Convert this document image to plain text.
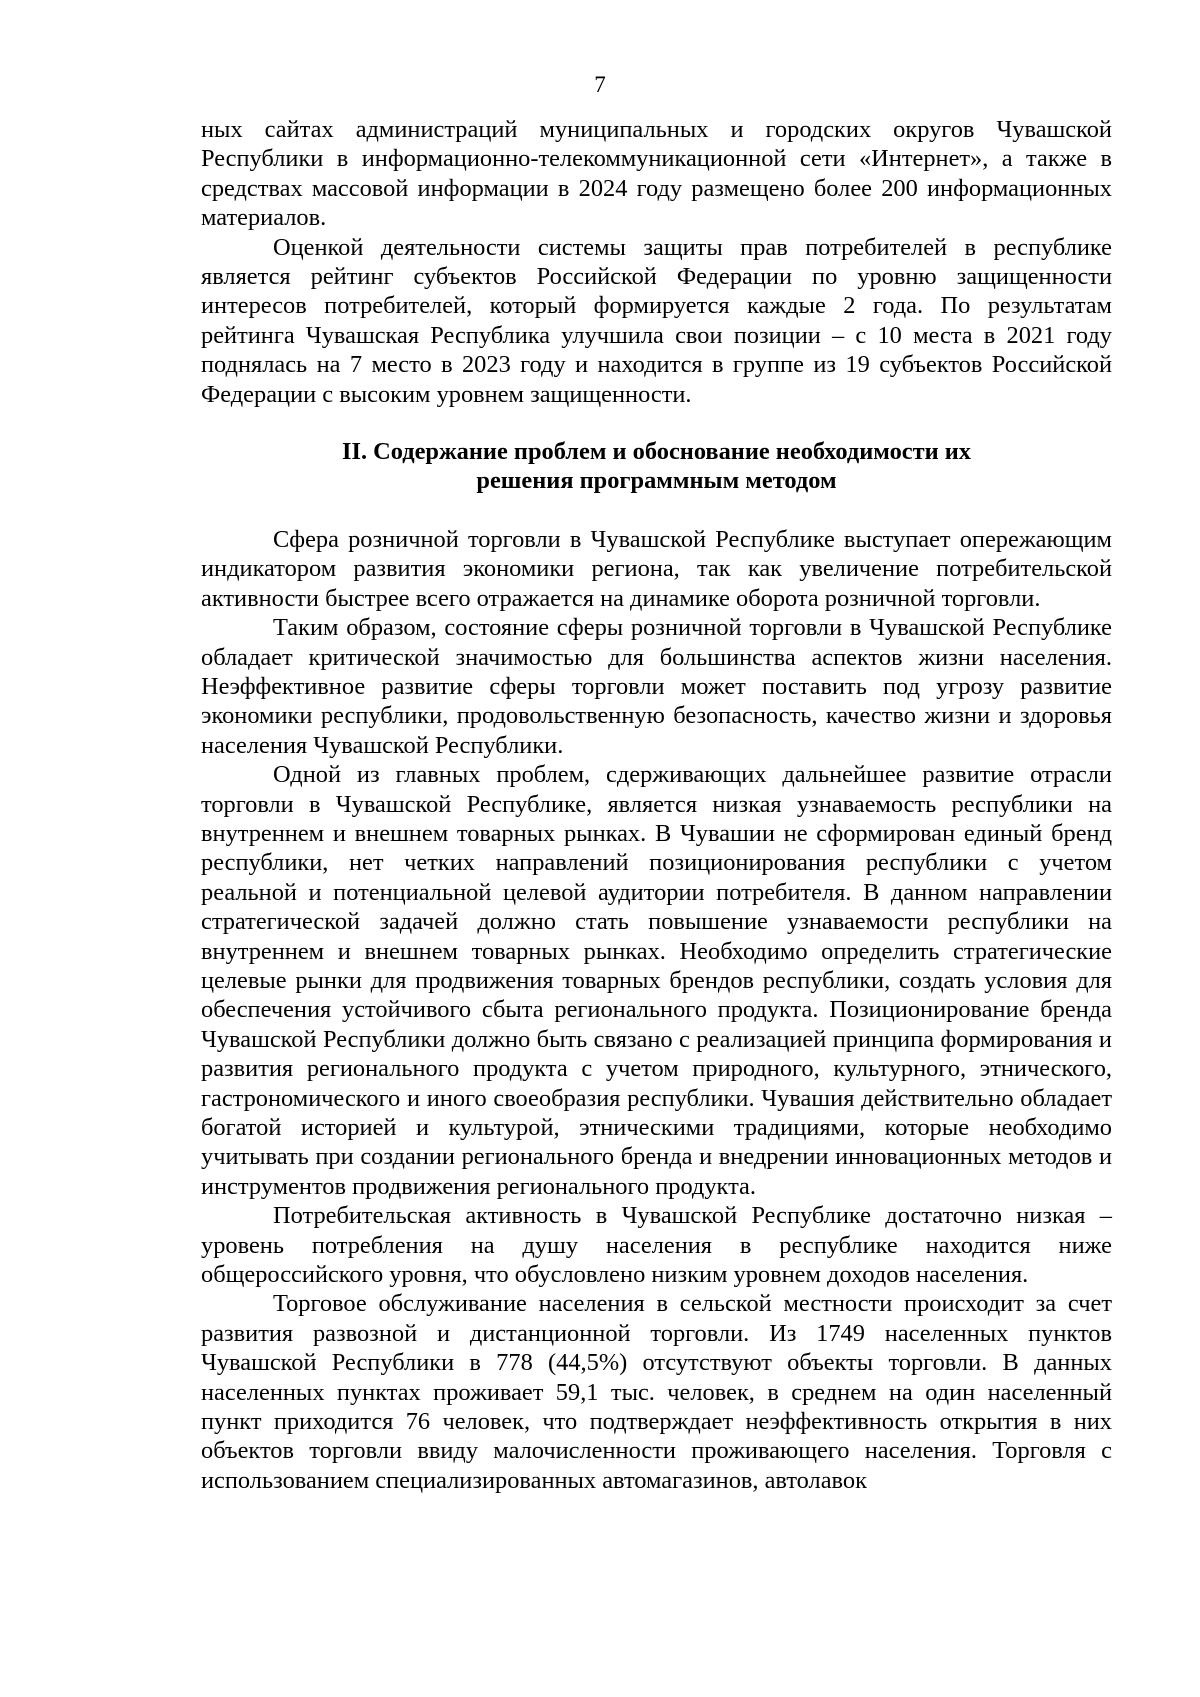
7

ных сайтах администраций муниципальных и городских округов Чувашской Республики в информационно-телекоммуникационной сети «Интернет», а также в средствах массовой информации в 2024 году размещено более 200 информационных материалов.

Оценкой деятельности системы защиты прав потребителей в республике является рейтинг субъектов Российской Федерации по уровню защищенности интересов потребителей, который формируется каждые 2 года. По результатам рейтинга Чувашская Республика улучшила свои позиции – с 10 места в 2021 году поднялась на 7 место в 2023 году и находится в группе из 19 субъектов Российской Федерации с высоким уровнем защищенности.

II. Содержание проблем и обоснование необходимости их
решения программным методом

Сфера розничной торговли в Чувашской Республике выступает опережающим индикатором развития экономики региона, так как увеличение потребительской активности быстрее всего отражается на динамике оборота розничной торговли.

Таким образом, состояние сферы розничной торговли в Чувашской Республике обладает критической значимостью для большинства аспектов жизни населения. Неэффективное развитие сферы торговли может поставить под угрозу развитие экономики республики, продовольственную безопасность, качество жизни и здоровья населения Чувашской Республики.

Одной из главных проблем, сдерживающих дальнейшее развитие отрасли торговли в Чувашской Республике, является низкая узнаваемость республики на внутреннем и внешнем товарных рынках. В Чувашии не сформирован единый бренд республики, нет четких направлений позиционирования республики с учетом реальной и потенциальной целевой аудитории потребителя. В данном направлении стратегической задачей должно стать повышение узнаваемости республики на внутреннем и внешнем товарных рынках. Необходимо определить стратегические целевые рынки для продвижения товарных брендов республики, создать условия для обеспечения устойчивого сбыта регионального продукта. Позиционирование бренда Чувашской Республики должно быть связано с реализацией принципа формирования и развития регионального продукта с учетом природного, культурного, этнического, гастрономического и иного своеобразия республики. Чувашия действительно обладает богатой историей и культурой, этническими традициями, которые необходимо учитывать при создании регионального бренда и внедрении инновационных методов и инструментов продвижения регионального продукта.

Потребительская активность в Чувашской Республике достаточно низкая – уровень потребления на душу населения в республике находится ниже общероссийского уровня, что обусловлено низким уровнем доходов населения.

Торговое обслуживание населения в сельской местности происходит за счет развития развозной и дистанционной торговли. Из 1749 населенных пунктов Чувашской Республики в 778 (44,5%) отсутствуют объекты торговли. В данных населенных пунктах проживает 59,1 тыс. человек, в среднем на один населенный пункт приходится 76 человек, что подтверждает неэффективность открытия в них объектов торговли ввиду малочисленности проживающего населения. Торговля с использованием специализированных автомагазинов, автолавок
